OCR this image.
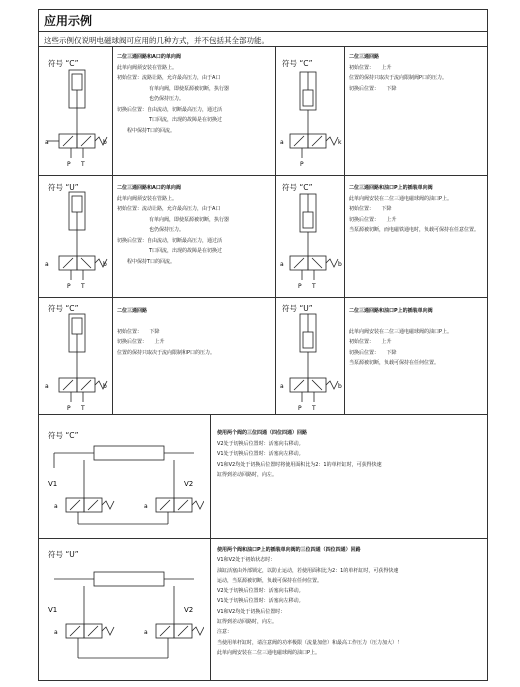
应用示例
这些示例仅说明电磁球阀可应用的几种方式，并不包括其全部功能。
符号 “C”	符号 “C”
符号 “U”	符号 “C”
符号 “C”	符号 “U”
符号 “C”
符号 “U”
二位三通回路和A口的单向阀
此单向阀须安装在管路上。
初始位置：流路让路，允许最高压力，由于A口
有单向阀，即使泵源被切断，执行器
也仍保持压力。
切换后位置：自由流动，切断最高压力，通过活
T口回流，出现的故障是在切换过
程中保持T口的回流。
二位三通回路
初始位置：　　上升
位置的保持只取决于流向限制阀P口的压力。
切换后位置：　　下降
二位三通回路和A口的单向阀
此单向阀须安装在管路上。
初始位置：流动让路，允许最高压力，由于A口
有单向阀，即使泵源被切断，执行器
也仍保持压力。
切换后位置：自由流动，切断最高压力，通过活
T口回流，出现的故障是在切换过
程中保持T口的回流。
二位三通回路和油口P上的插装单向阀
此单向阀安装在二位三通电磁球阀的油口P上。
初始位置：　　下降
切换后位置：　　上升
当泵源被切断，而电磁铁通电时，负载可保持在任意位置。
二位三通回路
初始位置：　　下降
切换后位置：　　上升
位置的保持只取决于流向限制和P口的压力。
二位三通回路和油口P上的插装单向阀
此单向阀安装在二位三通电磁球阀的油口P上。
初始位置：　　上升
切换后位置：　　下降
当泵源被切断，负载可保持在任何位置。
使用两个阀的三位四通（四位四通）回路
V2处于切换后位置时：活塞向右移动。
V1处于切换后位置时：活塞向左移动。
V1和V2均处于切换后位置时将使用面积比为2：1的单杆缸时，可获得快速
缸得到差动回路时，向左。
使用两个阀和油口P上的插装单向阀的三位四通（四位四通）回路
V1和V2处于初始状态时：
油缸活塞由外部锁定，以防止运动，若使用面积比为2：1的单杆缸时，可获得快速
运动，当泵源被切断，负载可保持在任何位置。
V2处于切换后位置时：活塞向右移动。
V1处于切换后位置时：活塞向左移动。
V1和V2均处于切换后位置时：
缸得到差动回路时，向左。
注意：
当使用单杆缸时，请注意阀的功率极限（流量加倍）和最高工作压力（压力加大）！
此单向阀安装在二位三通电磁球阀的油口P上。
a	b
P T
a	k
P
a	b
P T
a	b
P T
a	b
P T
a	b
P T
V1	V2
a	a
V1	V2
a	a
